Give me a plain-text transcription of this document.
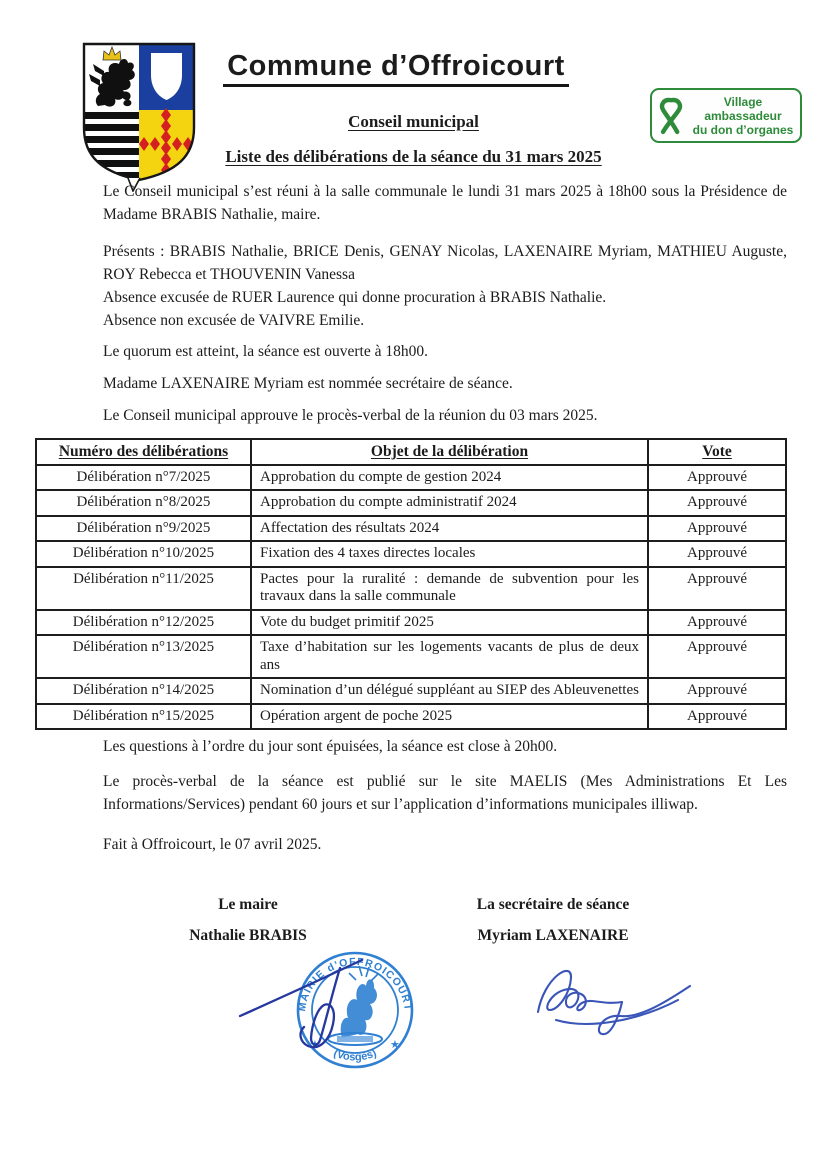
Commune d’Offroicourt
Village ambassadeur
du don d’organes
Conseil municipal
Liste des délibérations de la séance du 31 mars 2025

Le Conseil municipal s’est réuni à la salle communale le lundi 31 mars 2025 à 18h00 sous la Présidence de Madame BRABIS Nathalie, maire.

Présents : BRABIS Nathalie, BRICE Denis, GENAY Nicolas, LAXENAIRE Myriam, MATHIEU Auguste, ROY Rebecca et THOUVENIN Vanessa

Absence excusée de RUER Laurence qui donne procuration à BRABIS Nathalie.

Absence non excusée de VAIVRE Emilie.

Le quorum est atteint, la séance est ouverte à 18h00.

Madame LAXENAIRE Myriam est nommée secrétaire de séance.

Le Conseil municipal approuve le procès-verbal de la réunion du 03 mars 2025.

Numéro des délibérations	Objet de la délibération	Vote
Délibération n°7/2025	Approbation du compte de gestion 2024	Approuvé
Délibération n°8/2025	Approbation du compte administratif 2024	Approuvé
Délibération n°9/2025	Affectation des résultats 2024	Approuvé
Délibération n°10/2025	Fixation des 4 taxes directes locales	Approuvé
Délibération n°11/2025	Pactes pour la ruralité : demande de subvention pour les travaux dans la salle communale	Approuvé
Délibération n°12/2025	Vote du budget primitif 2025	Approuvé
Délibération n°13/2025	Taxe d’habitation sur les logements vacants de plus de deux ans	Approuvé
Délibération n°14/2025	Nomination d’un délégué suppléant au SIEP des Ableuvenettes	Approuvé
Délibération n°15/2025	Opération argent de poche 2025	Approuvé

Les questions à l’ordre du jour sont épuisées, la séance est close à 20h00.

Le procès-verbal de la séance est publié sur le site MAELIS (Mes Administrations Et Les Informations/Services) pendant 60 jours et sur l’application d’informations municipales illiwap.

Fait à Offroicourt, le 07 avril 2025.

Le maire
Nathalie BRABIS
La secrétaire de séance
Myriam LAXENAIRE
MAIRIE d’OFFROICOURT
(Vosges)
★	★
